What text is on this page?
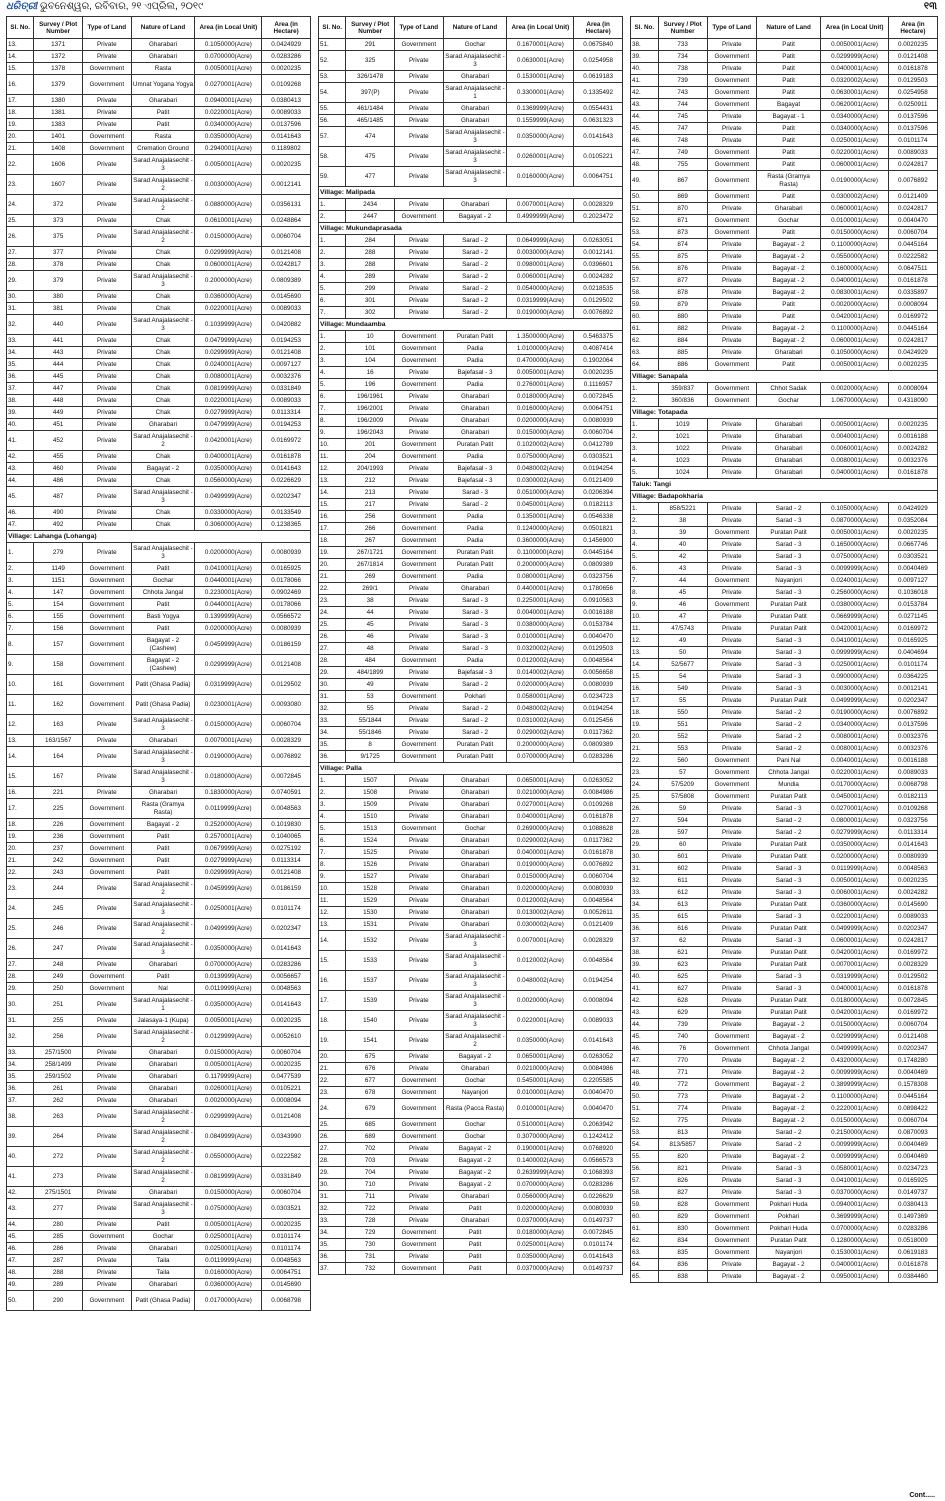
ଧରିତ୍ରୀ ଭୁବନେଶ୍ୱର, ରବିବାର, ୨୧ ଏପ୍ରିଲ, ୨୦୧୯	୧୩
Sl. No.	Survey / Plot Number	Type of Land	Nature of Land	Area (in Local Unit)	Area (in Hectare)
13.	1371	Private	Gharabari	0.1050000(Acre)	0.0424929
14.	1372	Private	Gharabari	0.0700000(Acre)	0.0283286
15.	1378	Government	Rasta	0.0050001(Acre)	0.0020235
16.	1379	Government	Umnat Yogana Yogya	0.0270001(Acre)	0.0109268
17.	1380	Private	Gharabari	0.0940001(Acre)	0.0380413
18.	1381	Private	Patit	0.0220001(Acre)	0.0089033
19.	1383	Private	Patit	0.0340000(Acre)	0.0137596
20.	1401	Government	Rasta	0.0350000(Acre)	0.0141643
21.	1408	Government	Cremation Ground	0.2940001(Acre)	0.1189802
22.	1606	Private	Sarad Anajalasechit - 3	0.0050001(Acre)	0.0020235
23.	1607	Private	Sarad Anajalasechit - 2	0.0030000(Acre)	0.0012141
24.	372	Private	Sarad Anajalasechit - 2	0.0880000(Acre)	0.0356131
25.	373	Private	Chak	0.0610001(Acre)	0.0248864
26.	375	Private	Sarad Anajalasechit - 2	0.0150000(Acre)	0.0060704
27.	377	Private	Chak	0.0299999(Acre)	0.0121408
28.	378	Private	Chak	0.0600001(Acre)	0.0242817
29.	379	Private	Sarad Anajalasechit - 3	0.2000000(Acre)	0.0809389
30.	380	Private	Chak	0.0360000(Acre)	0.0145690
31.	381	Private	Chak	0.0220001(Acre)	0.0089033
32.	440	Private	Sarad Anajalasechit - 3	0.1039999(Acre)	0.0420882
33.	441	Private	Chak	0.0479999(Acre)	0.0194253
34.	443	Private	Chak	0.0299999(Acre)	0.0121408
35.	444	Private	Chak	0.0240001(Acre)	0.0097127
36.	445	Private	Chak	0.0080001(Acre)	0.0032376
37.	447	Private	Chak	0.0819999(Acre)	0.0331849
38.	448	Private	Chak	0.0220001(Acre)	0.0089033
39.	449	Private	Chak	0.0279999(Acre)	0.0113314
40.	451	Private	Gharabari	0.0479999(Acre)	0.0194253
41.	452	Private	Sarad Anajalasechit - 2	0.0420001(Acre)	0.0169972
42.	455	Private	Chak	0.0400001(Acre)	0.0161878
43.	460	Private	Bagayat - 2	0.0350000(Acre)	0.0141643
44.	486	Private	Chak	0.0560000(Acre)	0.0226629
45.	487	Private	Sarad Anajalasechit - 3	0.0499999(Acre)	0.0202347
46.	490	Private	Chak	0.0330000(Acre)	0.0133549
47.	492	Private	Chak	0.3060000(Acre)	0.1238365
Village: Lahanga (Lohanga)					
1.	279	Private	Sarad Anajalasechit - 3	0.0200000(Acre)	0.0080939
2.	1149	Government	Patit	0.0410001(Acre)	0.0165925
3.	1151	Government	Gochar	0.0440001(Acre)	0.0178066
4.	147	Government	Chhota Jangal	0.2230001(Acre)	0.0902469
5.	154	Government	Patit	0.0440001(Acre)	0.0178066
6.	155	Government	Basti Yogya	0.1399999(Acre)	0.0566572
7.	156	Government	Patit	0.0200000(Acre)	0.0080939
8.	157	Government	Bagayat - 2 (Cashew)	0.0459999(Acre)	0.0186159
9.	158	Government	Bagayat - 2 (Cashew)	0.0299999(Acre)	0.0121408
10.	161	Government	Patit (Ghasa Padia)	0.0319999(Acre)	0.0129502
11.	162	Government	Patit (Ghasa Padia)	0.0230001(Acre)	0.0093080
12.	163	Private	Sarad Anajalasechit - 3	0.0150000(Acre)	0.0060704
13.	163/1567	Private	Gharabari	0.0070001(Acre)	0.0028329
14.	164	Private	Sarad Anajalasechit - 3	0.0190000(Acre)	0.0076892
15.	167	Private	Sarad Anajalasechit - 3	0.0180000(Acre)	0.0072845
16.	221	Private	Gharabari	0.1830000(Acre)	0.0740591
17.	225	Government	Rasta (Gramya Rasta)	0.0119999(Acre)	0.0048563
18.	226	Government	Bagayat - 2	0.2520000(Acre)	0.1019830
19.	236	Government	Patit	0.2570001(Acre)	0.1040065
20.	237	Government	Patit	0.0679999(Acre)	0.0275192
21.	242	Government	Patit	0.0279999(Acre)	0.0113314
22.	243	Government	Patit	0.0299999(Acre)	0.0121408
23.	244	Private	Sarad Anajalasechit - 2	0.0459999(Acre)	0.0186159
24.	245	Private	Sarad Anajalasechit - 3	0.0250001(Acre)	0.0101174
25.	246	Private	Sarad Anajalasechit - 2	0.0499999(Acre)	0.0202347
26.	247	Private	Sarad Anajalasechit - 3	0.0350000(Acre)	0.0141643
27.	248	Private	Gharabari	0.0700000(Acre)	0.0283286
28.	249	Government	Patit	0.0139999(Acre)	0.0056657
29.	250	Government	Nal	0.0119999(Acre)	0.0048563
30.	251	Private	Sarad Anajalasechit - 1	0.0350000(Acre)	0.0141643
31.	255	Private	Jalasaya-1 (Kupa)	0.0050001(Acre)	0.0020235
32.	256	Private	Sarad Anajalasechit - 2	0.0129999(Acre)	0.0052610
33.	257/1500	Private	Gharabari	0.0150000(Acre)	0.0060704
34.	258/1499	Private	Gharabari	0.0050001(Acre)	0.0020235
35.	259/1502	Private	Gharabari	0.1179999(Acre)	0.0477539
36.	261	Private	Gharabari	0.0260001(Acre)	0.0105221
37.	262	Private	Gharabari	0.0020000(Acre)	0.0008094
38.	263	Private	Sarad Anajalasechit - 2	0.0299999(Acre)	0.0121408
39.	264	Private	Sarad Anajalasechit - 2	0.0849999(Acre)	0.0343990
40.	272	Private	Sarad Anajalasechit - 2	0.0550000(Acre)	0.0222582
41.	273	Private	Sarad Anajalasechit - 2	0.0819999(Acre)	0.0331849
42.	275/1501	Private	Gharabari	0.0150000(Acre)	0.0060704
43.	277	Private	Sarad Anajalasechit - 3	0.0750000(Acre)	0.0303521
44.	280	Private	Patit	0.0050001(Acre)	0.0020235
45.	285	Government	Gochar	0.0250001(Acre)	0.0101174
46.	286	Private	Gharabari	0.0250001(Acre)	0.0101174
47.	287	Private	Taila	0.0119999(Acre)	0.0048563
48.	288	Private	Taila	0.0160000(Acre)	0.0064751
49.	289	Private	Gharabari	0.0360000(Acre)	0.0145690
50.	290	Government	Patit (Ghasa Padia)	0.0170000(Acre)	0.0068798
Sl. No.	Survey / Plot Number	Type of Land	Nature of Land	Area (in Local Unit)	Area (in Hectare)
51.	291	Government	Gochar	0.1670001(Acre)	0.0675840
52.	325	Private	Sarad Anajalasechit - 3	0.0630001(Acre)	0.0254958
53.	326/1478	Private	Gharabari	0.1530001(Acre)	0.0619183
54.	397(P)	Private	Sarad Anajalasechit - 1	0.3300001(Acre)	0.1335492
55.	461/1484	Private	Gharabari	0.1369999(Acre)	0.0554431
56.	465/1485	Private	Gharabari	0.1559999(Acre)	0.0631323
57.	474	Private	Sarad Anajalasechit - 3	0.0350000(Acre)	0.0141643
58.	475	Private	Sarad Anajalasechit - 3	0.0260001(Acre)	0.0105221
59.	477	Private	Sarad Anajalasechit - 3	0.0160000(Acre)	0.0064751
Village: Malipada					
1.	2434	Private	Gharabari	0.0070001(Acre)	0.0028329
2.	2447	Government	Bagayat - 2	0.4999999(Acre)	0.2023472
Village: Mukundaprasada					
1.	284	Private	Sarad - 2	0.0649999(Acre)	0.0263051
2.	288	Private	Sarad - 2	0.0030000(Acre)	0.0012141
3.	288	Private	Sarad - 2	0.0980001(Acre)	0.0396601
4.	289	Private	Sarad - 2	0.0060001(Acre)	0.0024282
5.	299	Private	Sarad - 2	0.0540000(Acre)	0.0218535
6.	301	Private	Sarad - 2	0.0319999(Acre)	0.0129502
7.	302	Private	Sarad - 2	0.0190000(Acre)	0.0076892
Village: Mundaamba					
1.	10	Government	Puratan Patit	1.3500000(Acre)	0.5463375
2.	101	Government	Padia	1.0100000(Acre)	0.4087414
3.	104	Government	Padia	0.4700000(Acre)	0.1902064
4.	16	Private	Bajefasal - 3	0.0050001(Acre)	0.0020235
5.	196	Government	Padia	0.2760001(Acre)	0.1116957
6.	196/1961	Private	Gharabari	0.0180000(Acre)	0.0072845
7.	196/2001	Private	Gharabari	0.0160000(Acre)	0.0064751
8.	196/2009	Private	Gharabari	0.0200000(Acre)	0.0080939
9.	196/2043	Private	Gharabari	0.0150000(Acre)	0.0060704
10.	201	Government	Puratan Patit	0.1020002(Acre)	0.0412789
11.	204	Government	Padia	0.0750000(Acre)	0.0303521
12.	204/1993	Private	Bajefasal - 3	0.0480002(Acre)	0.0194254
13.	212	Private	Bajefasal - 3	0.0300002(Acre)	0.0121409
14.	213	Private	Sarad - 3	0.0510000(Acre)	0.0206394
15.	217	Private	Sarad - 2	0.0450001(Acre)	0.0182113
16.	256	Government	Padia	0.1350001(Acre)	0.0546338
17.	266	Government	Padia	0.1240000(Acre)	0.0501821
18.	267	Government	Padia	0.3600000(Acre)	0.1456900
19.	267/1721	Government	Puratan Patit	0.1100000(Acre)	0.0445164
20.	267/1814	Government	Puratan Patit	0.2000000(Acre)	0.0809389
21.	269	Government	Padia	0.0800001(Acre)	0.0323756
22.	269/1	Private	Gharabari	0.4400001(Acre)	0.1780656
23.	38	Private	Sarad - 3	0.2250001(Acre)	0.0910563
24.	44	Private	Sarad - 3	0.0040001(Acre)	0.0016188
25.	45	Private	Sarad - 3	0.0380000(Acre)	0.0153784
26.	46	Private	Sarad - 3	0.0100001(Acre)	0.0040470
27.	48	Private	Sarad - 3	0.0320002(Acre)	0.0129503
28.	484	Government	Padia	0.0120002(Acre)	0.0048564
29.	484/1899	Private	Bajefasal - 3	0.0140002(Acre)	0.0056658
30.	49	Private	Sarad - 2	0.0200000(Acre)	0.0080939
31.	53	Government	Pokhari	0.0580001(Acre)	0.0234723
32.	55	Private	Sarad - 2	0.0480002(Acre)	0.0194254
33.	55/1844	Private	Sarad - 2	0.0310002(Acre)	0.0125456
34.	55/1846	Private	Sarad - 2	0.0290002(Acre)	0.0117362
35.	8	Government	Puratan Patit	0.2000000(Acre)	0.0809389
36.	9/1725	Government	Puratan Patit	0.0700000(Acre)	0.0283286
Village: Palla					
1.	1507	Private	Gharabari	0.0650001(Acre)	0.0263052
2.	1508	Private	Gharabari	0.0210000(Acre)	0.0084986
3.	1509	Private	Gharabari	0.0270001(Acre)	0.0109268
4.	1510	Private	Gharabari	0.0400001(Acre)	0.0161878
5.	1513	Government	Gochar	0.2690000(Acre)	0.1088628
6.	1524	Private	Gharabari	0.0290002(Acre)	0.0117362
7.	1525	Private	Gharabari	0.0400001(Acre)	0.0161878
8.	1526	Private	Gharabari	0.0190000(Acre)	0.0076892
9.	1527	Private	Gharabari	0.0150000(Acre)	0.0060704
10.	1528	Private	Gharabari	0.0200000(Acre)	0.0080939
11.	1529	Private	Gharabari	0.0120002(Acre)	0.0048564
12.	1530	Private	Gharabari	0.0130002(Acre)	0.0052611
13.	1531	Private	Gharabari	0.0300002(Acre)	0.0121409
14.	1532	Private	Sarad Anajalasechit - 3	0.0070001(Acre)	0.0028329
15.	1533	Private	Sarad Anajalasechit - 3	0.0120002(Acre)	0.0048564
16.	1537	Private	Sarad Anajalasechit - 3	0.0480002(Acre)	0.0194254
17.	1539	Private	Sarad Anajalasechit - 3	0.0020000(Acre)	0.0008094
18.	1540	Private	Sarad Anajalasechit - 3	0.0220001(Acre)	0.0089033
19.	1541	Private	Sarad Anajalasechit - 2	0.0350000(Acre)	0.0141643
20.	675	Private	Bagayat - 2	0.0650001(Acre)	0.0263052
21.	676	Private	Gharabari	0.0210000(Acre)	0.0084986
22.	677	Government	Gochar	0.5450001(Acre)	0.2205585
23.	678	Government	Nayanjori	0.0100001(Acre)	0.0040470
24.	679	Government	Rasta (Pacca Rasta)	0.0100001(Acre)	0.0040470
25.	685	Government	Gochar	0.5100001(Acre)	0.2063942
26.	689	Government	Gochar	0.3070000(Acre)	0.1242412
27.	702	Private	Bagayat - 2	0.1900001(Acre)	0.0768920
28.	703	Private	Bagayat - 2	0.1400002(Acre)	0.0566573
29.	704	Private	Bagayat - 2	0.2639999(Acre)	0.1068393
30.	710	Private	Bagayat - 2	0.0700000(Acre)	0.0283286
31.	711	Private	Gharabari	0.0560000(Acre)	0.0226629
32.	722	Private	Patit	0.0200000(Acre)	0.0080939
33.	728	Private	Gharabari	0.0370000(Acre)	0.0149737
34.	729	Government	Patit	0.0180000(Acre)	0.0072845
35.	730	Government	Patit	0.0250001(Acre)	0.0101174
36.	731	Private	Patit	0.0350000(Acre)	0.0141643
37.	732	Government	Patit	0.0370000(Acre)	0.0149737
Sl. No.	Survey / Plot Number	Type of Land	Nature of Land	Area (in Local Unit)	Area (in Hectare)
38.	733	Private	Patit	0.0050001(Acre)	0.0020235
39.	734	Government	Patit	0.0299999(Acre)	0.0121408
40.	738	Private	Patit	0.0400001(Acre)	0.0161878
41.	739	Government	Patit	0.0320002(Acre)	0.0129503
42.	743	Government	Patit	0.0630001(Acre)	0.0254958
43.	744	Government	Bagayat	0.0620001(Acre)	0.0250911
44.	745	Private	Bagayat - 1	0.0340000(Acre)	0.0137596
45.	747	Private	Patit	0.0340000(Acre)	0.0137596
46.	748	Private	Patit	0.0250001(Acre)	0.0101174
47.	749	Government	Patit	0.0220001(Acre)	0.0089033
48.	755	Government	Patit	0.0600001(Acre)	0.0242817
49.	867	Government	Rasta (Gramya Rasta)	0.0190000(Acre)	0.0076892
50.	869	Government	Patit	0.0300002(Acre)	0.0121409
51.	870	Private	Gharabari	0.0600001(Acre)	0.0242817
52.	871	Government	Gochar	0.0100001(Acre)	0.0040470
53.	873	Government	Patit	0.0150000(Acre)	0.0060704
54.	874	Private	Bagayat - 2	0.1100000(Acre)	0.0445164
55.	875	Private	Bagayat - 2	0.0550000(Acre)	0.0222582
56.	876	Private	Bagayat - 2	0.1600000(Acre)	0.0647511
57.	877	Private	Bagayat - 2	0.0400001(Acre)	0.0161878
58.	878	Private	Bagayat - 2	0.0830001(Acre)	0.0335897
59.	879	Private	Patit	0.0020000(Acre)	0.0008094
60.	880	Private	Patit	0.0420001(Acre)	0.0169972
61.	882	Private	Bagayat - 2	0.1100000(Acre)	0.0445164
62.	884	Private	Bagayat - 2	0.0600001(Acre)	0.0242817
63.	885	Private	Gharabari	0.1050000(Acre)	0.0424929
64.	886	Government	Patit	0.0050001(Acre)	0.0020235
Village: Sanapala					
1.	359/837	Government	Chhot Sadak	0.0020000(Acre)	0.0008094
2.	360/836	Government	Gochar	1.0670000(Acre)	0.4318090
Village: Totapada					
1.	1019	Private	Gharabari	0.0050001(Acre)	0.0020235
2.	1021	Private	Gharabari	0.0040001(Acre)	0.0016188
3.	1022	Private	Gharabari	0.0060001(Acre)	0.0024282
4.	1023	Private	Gharabari	0.0080001(Acre)	0.0032376
5.	1024	Private	Gharabari	0.0400001(Acre)	0.0161878
Taluk: Tangi					
Village: Badapokharia					
1.	858/5221	Private	Sarad - 2	0.1050000(Acre)	0.0424929
2.	38	Private	Sarad - 3	0.0870000(Acre)	0.0352084
3.	39	Government	Puratan Patit	0.0050001(Acre)	0.0020235
4.	40	Private	Sarad - 3	0.1650000(Acre)	0.0667746
5.	42	Private	Sarad - 3	0.0750000(Acre)	0.0303521
6.	43	Private	Sarad - 3	0.0099999(Acre)	0.0040469
7.	44	Government	Nayanjori	0.0240001(Acre)	0.0097127
8.	45	Private	Sarad - 3	0.2560000(Acre)	0.1036018
9.	46	Government	Puratan Patit	0.0380000(Acre)	0.0153784
10.	47	Private	Puratan Patit	0.0669999(Acre)	0.0271145
11.	47/5743	Private	Puratan Patit	0.0420001(Acre)	0.0169972
12.	49	Private	Sarad - 3	0.0410001(Acre)	0.0165925
13.	50	Private	Sarad - 3	0.0999999(Acre)	0.0404694
14.	52/5677	Private	Sarad - 3	0.0250001(Acre)	0.0101174
15.	54	Private	Sarad - 3	0.0900000(Acre)	0.0364225
16.	549	Private	Sarad - 3	0.0030000(Acre)	0.0012141
17.	55	Private	Puratan Patit	0.0499999(Acre)	0.0202347
18.	550	Private	Sarad - 2	0.0190000(Acre)	0.0076892
19.	551	Private	Sarad - 2	0.0340000(Acre)	0.0137596
20.	552	Private	Sarad - 2	0.0080001(Acre)	0.0032376
21.	553	Private	Sarad - 2	0.0080001(Acre)	0.0032376
22.	560	Government	Pani Nal	0.0040001(Acre)	0.0016188
23.	57	Government	Chhota Jangal	0.0220001(Acre)	0.0089033
24.	57/5209	Government	Mundia	0.0170000(Acre)	0.0068798
25.	57/5808	Government	Puratan Patit	0.0450001(Acre)	0.0182113
26.	59	Private	Sarad - 3	0.0270001(Acre)	0.0109268
27.	594	Private	Sarad - 2	0.0800001(Acre)	0.0323756
28.	597	Private	Sarad - 2	0.0279999(Acre)	0.0113314
29.	60	Private	Puratan Patit	0.0350000(Acre)	0.0141643
30.	601	Private	Puratan Patit	0.0200000(Acre)	0.0080939
31.	602	Private	Sarad - 3	0.0119999(Acre)	0.0048563
32.	611	Private	Sarad - 3	0.0050001(Acre)	0.0020235
33.	612	Private	Sarad - 3	0.0060001(Acre)	0.0024282
34.	613	Private	Puratan Patit	0.0360000(Acre)	0.0145690
35.	615	Private	Sarad - 3	0.0220001(Acre)	0.0089033
36.	616	Private	Puratan Patit	0.0499999(Acre)	0.0202347
37.	62	Private	Sarad - 3	0.0600001(Acre)	0.0242817
38.	621	Private	Puratan Patit	0.0420001(Acre)	0.0169972
39.	623	Private	Puratan Patit	0.0070001(Acre)	0.0028329
40.	625	Private	Sarad - 3	0.0319999(Acre)	0.0129502
41.	627	Private	Sarad - 3	0.0400001(Acre)	0.0161878
42.	628	Private	Puratan Patit	0.0180000(Acre)	0.0072845
43.	629	Private	Puratan Patit	0.0420001(Acre)	0.0169972
44.	739	Private	Bagayat - 2	0.0150000(Acre)	0.0060704
45.	740	Government	Bagayat - 2	0.0299999(Acre)	0.0121408
46.	76	Government	Chhota Jangal	0.0499999(Acre)	0.0202347
47.	770	Private	Bagayat - 2	0.4320000(Acre)	0.1748280
48.	771	Private	Bagayat - 2	0.0099999(Acre)	0.0040469
49.	772	Government	Bagayat - 2	0.3899999(Acre)	0.1578308
50.	773	Private	Bagayat - 2	0.1100000(Acre)	0.0445164
51.	774	Private	Bagayat - 2	0.2220001(Acre)	0.0898422
52.	775	Private	Bagayat - 2	0.0150000(Acre)	0.0060704
53.	813	Private	Sarad - 2	0.2150000(Acre)	0.0870093
54.	813/5857	Private	Sarad - 2	0.0099999(Acre)	0.0040469
55.	820	Private	Bagayat - 2	0.0099999(Acre)	0.0040469
56.	821	Private	Sarad - 3	0.0580001(Acre)	0.0234723
57.	826	Private	Sarad - 3	0.0410001(Acre)	0.0165925
58.	827	Private	Sarad - 3	0.0370000(Acre)	0.0149737
59.	828	Government	Pokhari Huda	0.0940001(Acre)	0.0380413
60.	829	Government	Pokhari	0.3699999(Acre)	0.1497369
61.	830	Government	Pokhari Huda	0.0700000(Acre)	0.0283286
62.	834	Government	Puratan Patit	0.1280000(Acre)	0.0518009
63.	835	Government	Nayanjori	0.1530001(Acre)	0.0619183
64.	836	Private	Bagayat - 2	0.0400001(Acre)	0.0161878
65.	838	Private	Bagayat - 2	0.0950001(Acre)	0.0384460
Cont.....
